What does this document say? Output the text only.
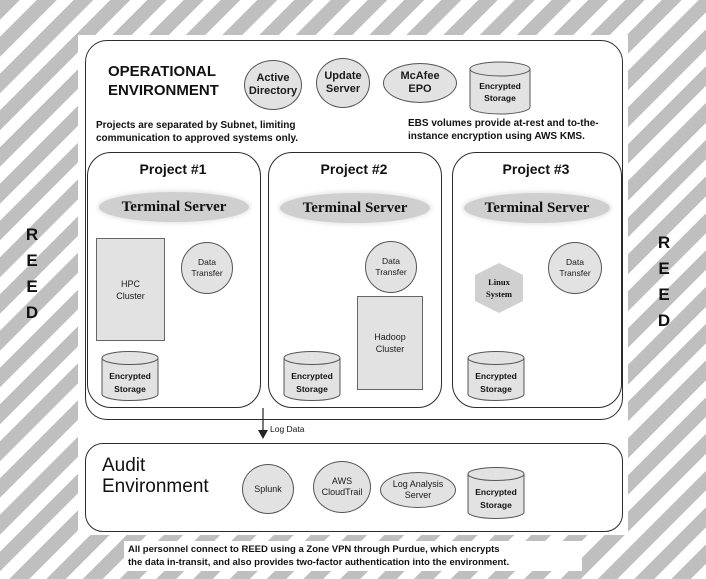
R
E
E
D
R
E
E
D
OPERATIONAL
ENVIRONMENT
Active
Directory
Update
Server
McAfee
EPO	Encrypted
Storage
Projects are separated by Subnet, limiting
communication to approved systems only.
EBS volumes provide at-rest and to-the-
instance encryption using AWS KMS.
Project #1
Terminal Server
HPC
Cluster
Data
Transfer
Encrypted
Storage
Project #2
Terminal Server
Data
Transfer
Hadoop
Cluster
Encrypted
Storage
Project #3
Terminal Server
Linux
System
Data
Transfer
Encrypted
Storage
Log Data
Audit
Environment	Splunk
AWS
CloudTrail
Log Analysis
Server	Encrypted
Storage
All personnel connect to REED using a Zone VPN through Purdue, which encrypts
the data in-transit, and also provides two-factor authentication into the environment.
